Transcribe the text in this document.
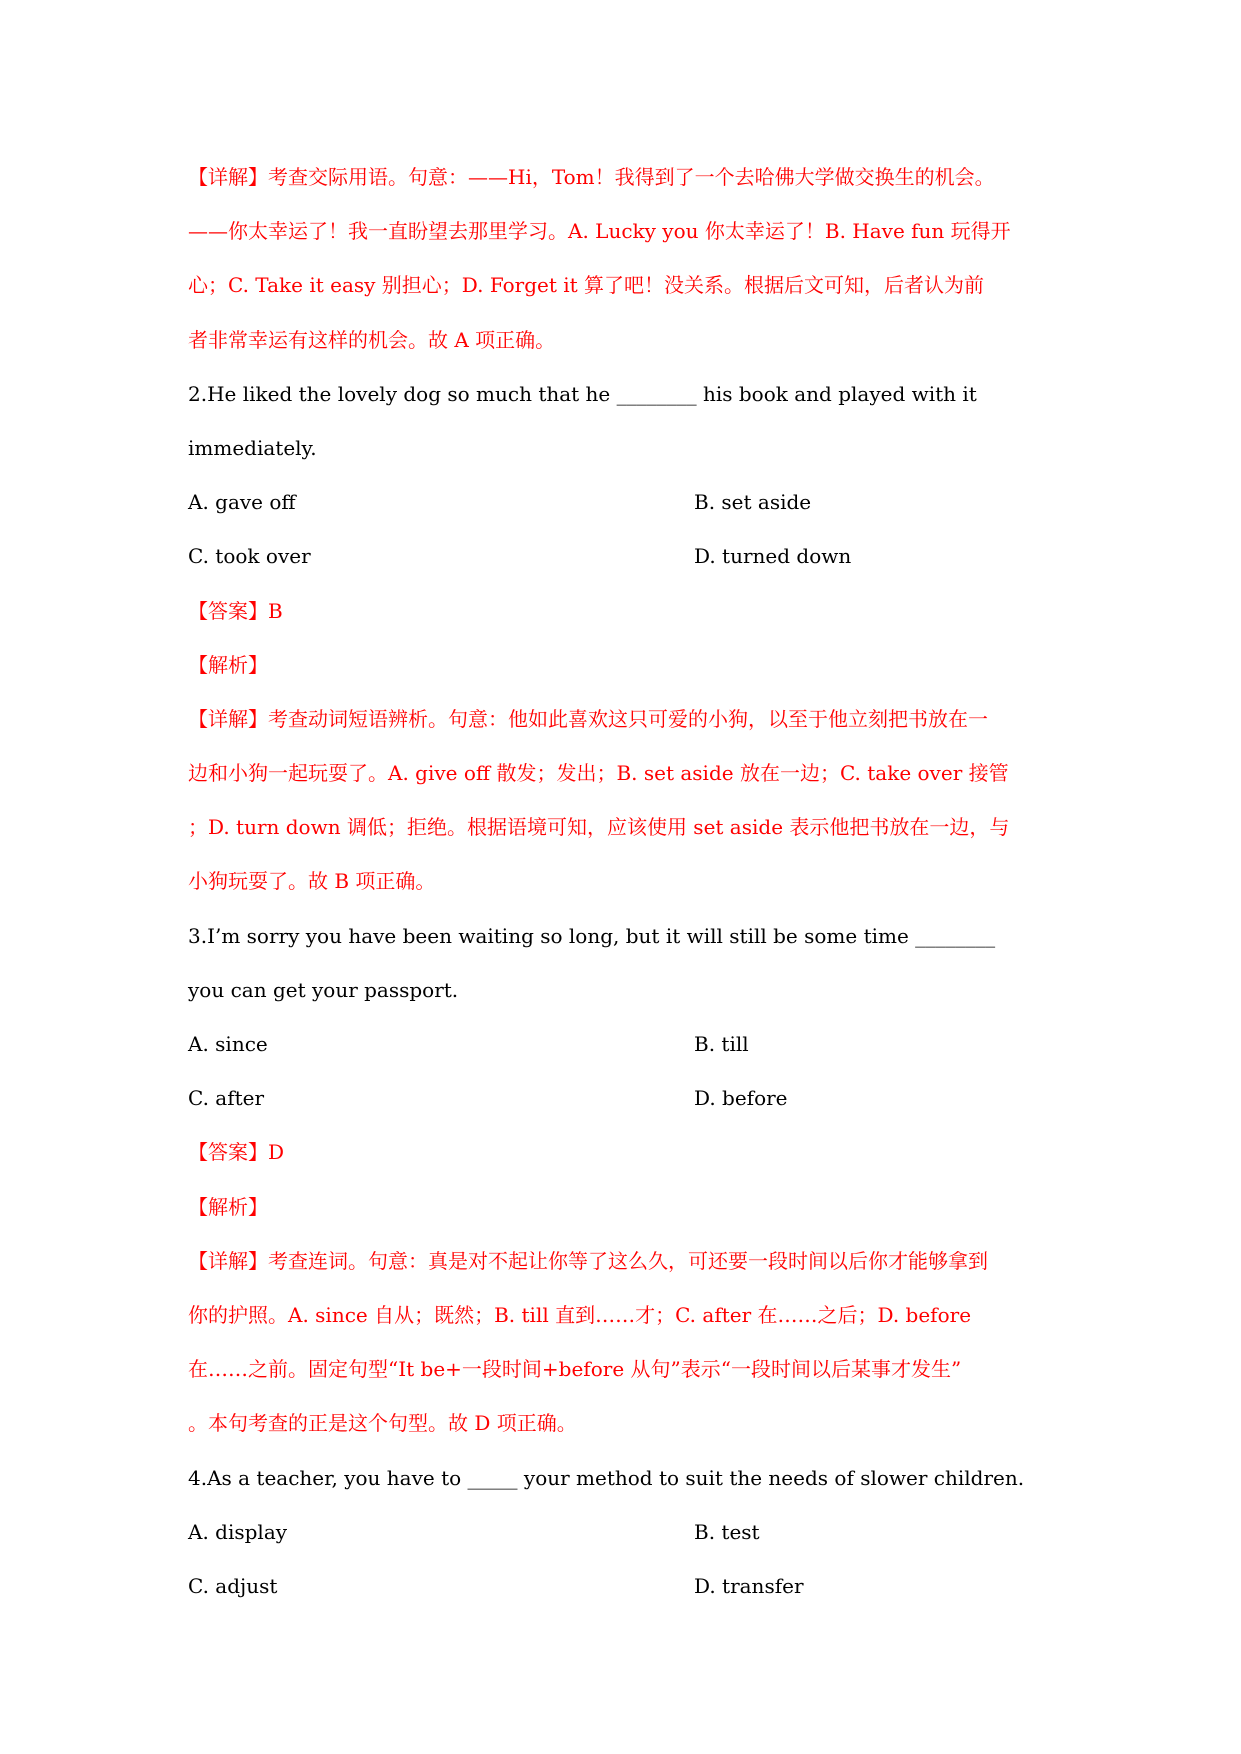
【详解】考查交际用语。句意：——Hi，Tom！我得到了一个去哈佛大学做交换生的机会。
——你太幸运了！我一直盼望去那里学习。A. Lucky you 你太幸运了！B. Have fun 玩得开
心；C. Take it easy 别担心；D. Forget it 算了吧！没关系。根据后文可知，后者认为前
者非常幸运有这样的机会。故 A 项正确。
2.He liked the lovely dog so much that he ________ his book and played with it
immediately.
A. gave off	B. set aside
C. took over	D. turned down
【答案】B
【解析】
【详解】考查动词短语辨析。句意：他如此喜欢这只可爱的小狗，以至于他立刻把书放在一
边和小狗一起玩耍了。A. give off 散发；发出；B. set aside 放在一边；C. take over 接管
；D. turn down 调低；拒绝。根据语境可知，应该使用 set aside 表示他把书放在一边，与
小狗玩耍了。故 B 项正确。
3.I’m sorry you have been waiting so long, but it will still be some time ________
you can get your passport.
A. since	B. till
C. after	D. before
【答案】D
【解析】
【详解】考查连词。句意：真是对不起让你等了这么久，可还要一段时间以后你才能够拿到
你的护照。A. since 自从；既然；B. till 直到……才；C. after 在……之后；D. before
在……之前。固定句型“It be+一段时间+before 从句”表示“一段时间以后某事才发生”
。本句考查的正是这个句型。故 D 项正确。
4.As a teacher, you have to _____ your method to suit the needs of slower children.
A. display	B. test
C. adjust	D. transfer
